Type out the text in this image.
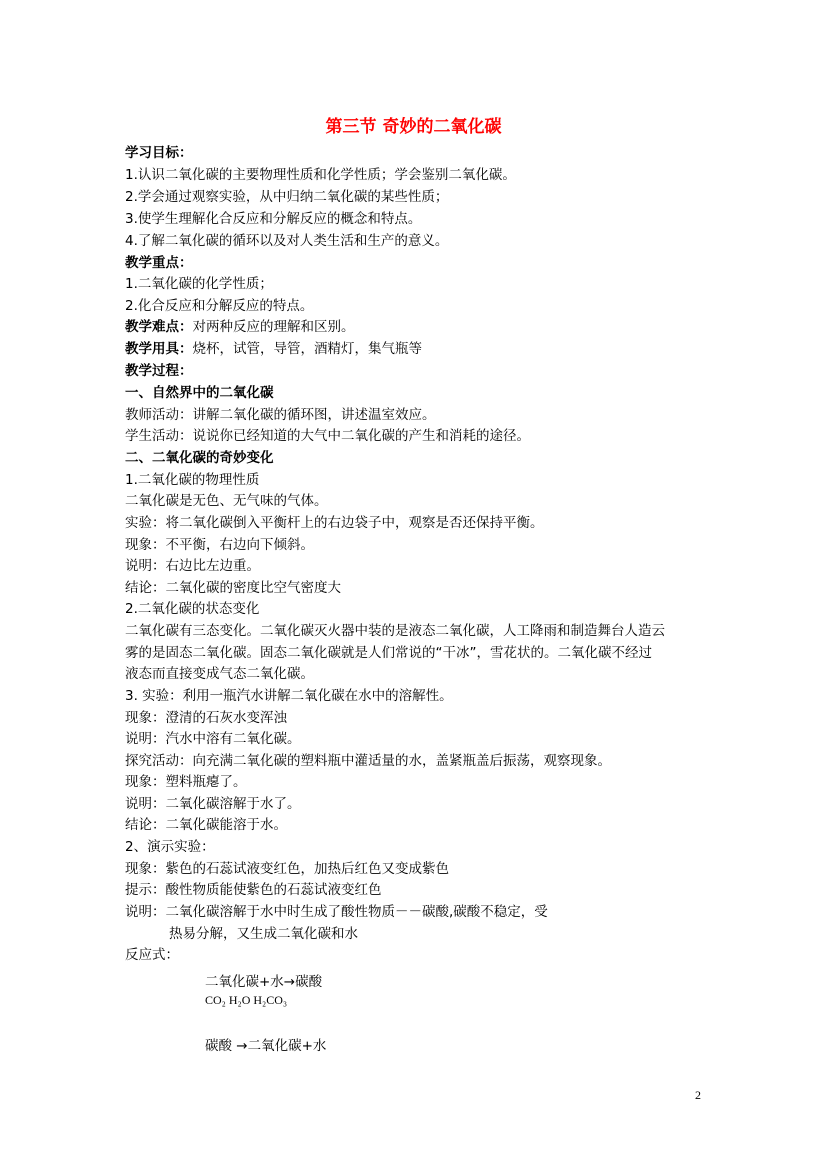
第三节 奇妙的二氧化碳
学习目标：
1.认识二氧化碳的主要物理性质和化学性质；学会鉴别二氧化碳。
2.学会通过观察实验，从中归纳二氧化碳的某些性质；
3.使学生理解化合反应和分解反应的概念和特点。
4.了解二氧化碳的循环以及对人类生活和生产的意义。
教学重点：
1.二氧化碳的化学性质；
2.化合反应和分解反应的特点。
教学难点：对两种反应的理解和区别。
教学用具：烧杯，试管，导管，酒精灯，集气瓶等
教学过程：
一、自然界中的二氧化碳
教师活动：讲解二氧化碳的循环图，讲述温室效应。
学生活动：说说你已经知道的大气中二氧化碳的产生和消耗的途径。
二、二氧化碳的奇妙变化
1.二氧化碳的物理性质
二氧化碳是无色、无气味的气体。
实验：将二氧化碳倒入平衡杆上的右边袋子中，观察是否还保持平衡。
现象：不平衡，右边向下倾斜。
说明：右边比左边重。
结论：二氧化碳的密度比空气密度大
2.二氧化碳的状态变化
二氧化碳有三态变化。二氧化碳灭火器中装的是液态二氧化碳，人工降雨和制造舞台人造云
雾的是固态二氧化碳。固态二氧化碳就是人们常说的“干冰”，雪花状的。二氧化碳不经过
液态而直接变成气态二氧化碳。
3. 实验：利用一瓶汽水讲解二氧化碳在水中的溶解性。
现象：澄清的石灰水变浑浊
说明：汽水中溶有二氧化碳。
探究活动：向充满二氧化碳的塑料瓶中灌适量的水，盖紧瓶盖后振荡，观察现象。
现象：塑料瓶瘪了。
说明：二氧化碳溶解于水了。
结论：二氧化碳能溶于水。
2、演示实验：
现象：紫色的石蕊试液变红色，加热后红色又变成紫色
提示：酸性物质能使紫色的石蕊试液变红色
说明：二氧化碳溶解于水中时生成了酸性物质－－碳酸,碳酸不稳定，受
热易分解，又生成二氧化碳和水
反应式：
二氧化碳+水→碳酸
CO₂ H₂O H₂CO₃
碳酸 →二氧化碳+水
2
